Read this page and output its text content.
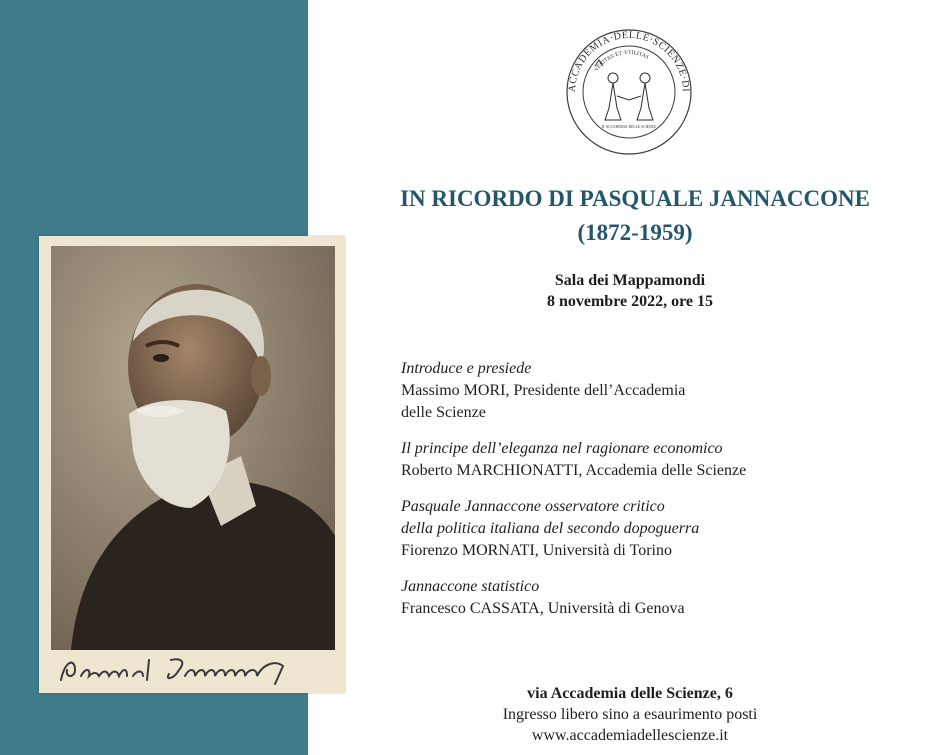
ACCADEMIA·DELLE·SCIENZE·DI
VERITAS·ET·VTILITAS
R·ACCADEMIA·DELLE·SCIENZE
IN RICORDO DI PASQUALE JANNACCONE
(1872-1959)
Sala dei Mappamondi
8 novembre 2022, ore 15
Introduce e presiede
Massimo MORI, Presidente dell’Accademia
delle Scienze
Il principe dell’eleganza nel ragionare economico
Roberto MARCHIONATTI, Accademia delle Scienze
Pasquale Jannaccone osservatore critico
della politica italiana del secondo dopoguerra
Fiorenzo MORNATI, Università di Torino
Jannaccone statistico
Francesco CASSATA, Università di Genova
via Accademia delle Scienze, 6
Ingresso libero sino a esaurimento posti
www.accademiadellescienze.it
